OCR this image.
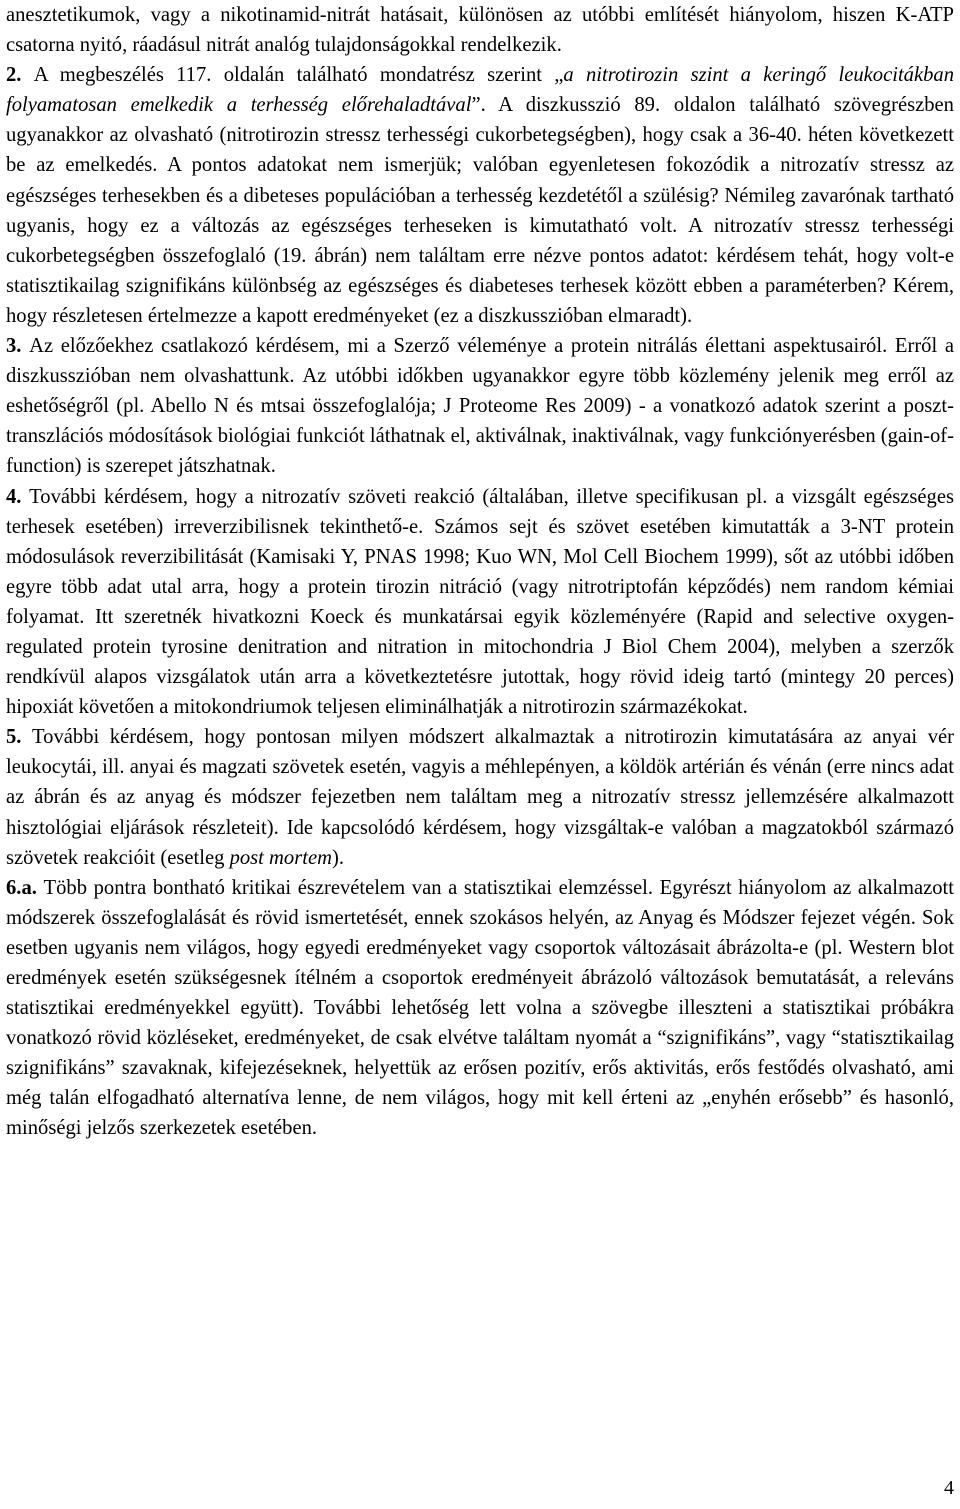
anesztetikumok, vagy a nikotinamid-nitrát hatásait, különösen az utóbbi említését hiányolom, hiszen K-ATP csatorna nyitó, ráadásul nitrát analóg tulajdonságokkal rendelkezik.

2. A megbeszélés 117. oldalán található mondatrész szerint „a nitrotirozin szint a keringő leukocitákban folyamatosan emelkedik a terhesség előrehaladtával”. A diszkusszió 89. oldalon található szövegrészben ugyanakkor az olvasható (nitrotirozin stressz terhességi cukorbetegségben), hogy csak a 36-40. héten következett be az emelkedés. A pontos adatokat nem ismerjük; valóban egyenletesen fokozódik a nitrozatív stressz az egészséges terhesekben és a dibeteses populációban a terhesség kezdetétől a szülésig? Némileg zavarónak tartható ugyanis, hogy ez a változás az egészséges terheseken is kimutatható volt. A nitrozatív stressz terhességi cukorbetegségben összefoglaló (19. ábrán) nem találtam erre nézve pontos adatot: kérdésem tehát, hogy volt-e statisztikailag szignifikáns különbség az egészséges és diabeteses terhesek között ebben a paraméterben? Kérem, hogy részletesen értelmezze a kapott eredményeket (ez a diszkusszióban elmaradt).

3. Az előzőekhez csatlakozó kérdésem, mi a Szerző véleménye a protein nitrálás élettani aspektusairól. Erről a diszkusszióban nem olvashattunk. Az utóbbi időkben ugyanakkor egyre több közlemény jelenik meg erről az eshetőségről (pl. Abello N és mtsai összefoglalója; J Proteome Res 2009) - a vonatkozó adatok szerint a poszt-transzlációs módosítások biológiai funkciót láthatnak el, aktiválnak, inaktiválnak, vagy funkciónyerésben (gain-of-function) is szerepet játszhatnak.

4. További kérdésem, hogy a nitrozatív szöveti reakció (általában, illetve specifikusan pl. a vizsgált egészséges terhesek esetében) irreverzibilisnek tekinthető-e. Számos sejt és szövet esetében kimutatták a 3-NT protein módosulások reverzibilitását (Kamisaki Y, PNAS 1998; Kuo WN, Mol Cell Biochem 1999), sőt az utóbbi időben egyre több adat utal arra, hogy a protein tirozin nitráció (vagy nitrotriptofán képződés) nem random kémiai folyamat. Itt szeretnék hivatkozni Koeck és munkatársai egyik közleményére (Rapid and selective oxygen-regulated protein tyrosine denitration and nitration in mitochondria J Biol Chem 2004), melyben a szerzők rendkívül alapos vizsgálatok után arra a következtetésre jutottak, hogy rövid ideig tartó (mintegy 20 perces) hipoxiát követően a mitokondriumok teljesen eliminálhatják a nitrotirozin származékokat.

5. További kérdésem, hogy pontosan milyen módszert alkalmaztak a nitrotirozin kimutatására az anyai vér leukocytái, ill. anyai és magzati szövetek esetén, vagyis a méhlepényen, a köldök artérián és vénán (erre nincs adat az ábrán és az anyag és módszer fejezetben nem találtam meg a nitrozatív stressz jellemzésére alkalmazott hisztológiai eljárások részleteit). Ide kapcsolódó kérdésem, hogy vizsgáltak-e valóban a magzatokból származó szövetek reakcióit (esetleg post mortem).

6.a. Több pontra bontható kritikai észrevételem van a statisztikai elemzéssel. Egyrészt hiányolom az alkalmazott módszerek összefoglalását és rövid ismertetését, ennek szokásos helyén, az Anyag és Módszer fejezet végén. Sok esetben ugyanis nem világos, hogy egyedi eredményeket vagy csoportok változásait ábrázolta-e (pl. Western blot eredmények esetén szükségesnek ítélném a csoportok eredményeit ábrázoló változások bemutatását, a releváns statisztikai eredményekkel együtt). További lehetőség lett volna a szövegbe illeszteni a statisztikai próbákra vonatkozó rövid közléseket, eredményeket, de csak elvétve találtam nyomát a “szignifikáns”, vagy “statisztikailag szignifikáns” szavaknak, kifejezéseknek, helyettük az erősen pozitív, erős aktivitás, erős festődés olvasható, ami még talán elfogadható alternatíva lenne, de nem világos, hogy mit kell érteni az „enyhén erősebb” és hasonló, minőségi jelzős szerkezetek esetében.

4
